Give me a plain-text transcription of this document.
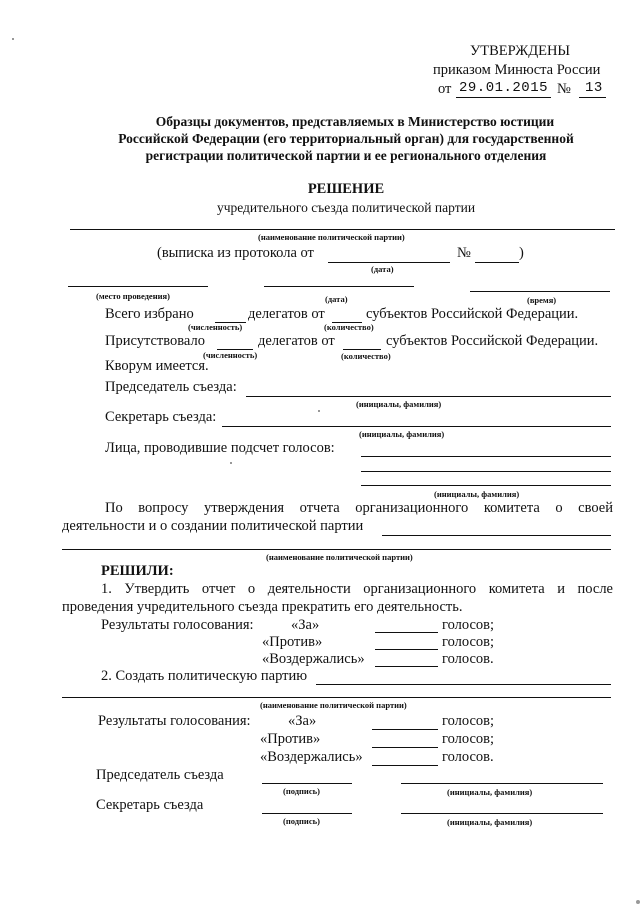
УТВЕРЖДЕНЫ
приказом Минюста России
от 29.01.2015 № 13
Образцы документов, представляемых в Министерство юстиции
Российской Федерации (его территориальный орган) для государственной
регистрации политической партии и ее регионального отделения
РЕШЕНИЕ
учредительного съезда политической партии
(наименование политической партии)
(выписка из протокола от	№	)
(дата)
(место проведения)	(дата)	(время)
Всего избрано	делегатов от	субъектов Российской Федерации.
(численность)	(количество)
Присутствовало	делегатов от	субъектов Российской Федерации.
(численность)	(количество)
Кворум имеется.
Председатель съезда:
(инициалы, фамилия)
Секретарь съезда:
(инициалы, фамилия)
Лица, проводившие подсчет голосов:
(инициалы, фамилия)
По вопросу утверждения отчета организационного комитета о своей
деятельности и о создании политической партии
(наименование политической партии)
РЕШИЛИ:
1. Утвердить отчет о деятельности организационного комитета и после
проведения учредительного съезда прекратить его деятельность.
Результаты голосования:	«За»	голосов;
«Против»	голосов;
«Воздержались»	голосов.
2. Создать политическую партию
(наименование политической партии)
Результаты голосования:	«За»	голосов;
«Против»	голосов;
«Воздержались»	голосов.
Председатель съезда
(подпись)	(инициалы, фамилия)
Секретарь съезда
(подпись)	(инициалы, фамилия)
